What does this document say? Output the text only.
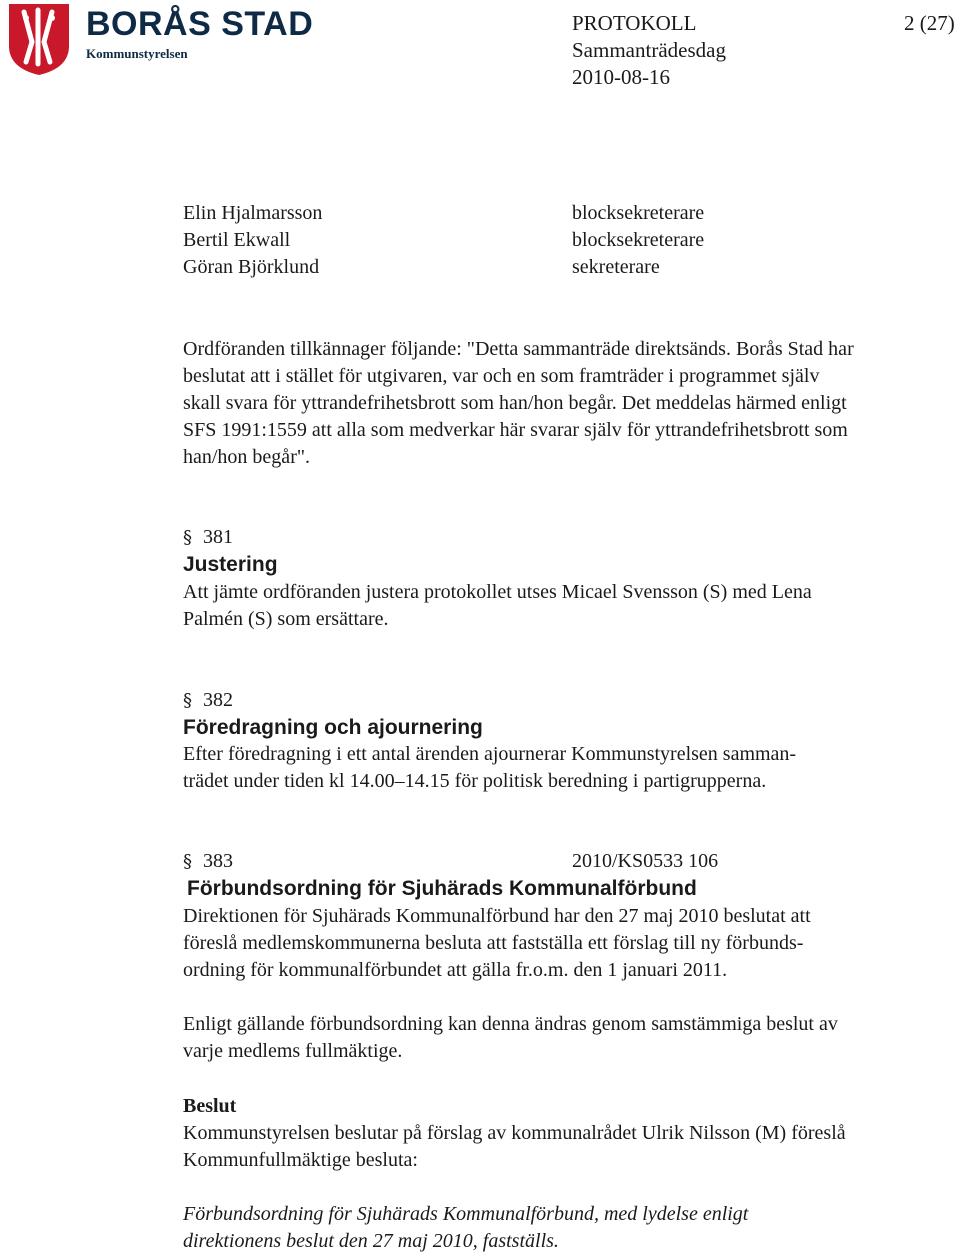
BORÅS STAD
Kommunstyrelsen
PROTOKOLL	2 (27)
Sammanträdesdag
2010-08-16
Elin Hjalmarsson	blocksekreterare
Bertil Ekwall	blocksekreterare
Göran Björklund	sekreterare
Ordföranden tillkännager följande: "Detta sammanträde direktsänds. Borås Stad har
beslutat att i stället för utgivaren, var och en som framträder i programmet själv
skall svara för yttrandefrihetsbrott som han/hon begår. Det meddelas härmed enligt
SFS 1991:1559 att alla som medverkar här svarar själv för yttrandefrihetsbrott som
han/hon begår".
§ 381
Justering
Att jämte ordföranden justera protokollet utses Micael Svensson (S) med Lena
Palmén (S) som ersättare.
§ 382
Föredragning och ajournering
Efter föredragning i ett antal ärenden ajournerar Kommunstyrelsen samman-
trädet under tiden kl 14.00–14.15 för politisk beredning i partigrupperna.
§ 383	2010/KS0533 106
Förbundsordning för Sjuhärads Kommunalförbund
Direktionen för Sjuhärads Kommunalförbund har den 27 maj 2010 beslutat att
föreslå medlemskommunerna besluta att fastställa ett förslag till ny förbunds-
ordning för kommunalförbundet att gälla fr.o.m. den 1 januari 2011.
Enligt gällande förbundsordning kan denna ändras genom samstämmiga beslut av
varje medlems fullmäktige.
Beslut
Kommunstyrelsen beslutar på förslag av kommunalrådet Ulrik Nilsson (M) föreslå
Kommunfullmäktige besluta:
Förbundsordning för Sjuhärads Kommunalförbund, med lydelse enligt
direktionens beslut den 27 maj 2010, fastställs.
